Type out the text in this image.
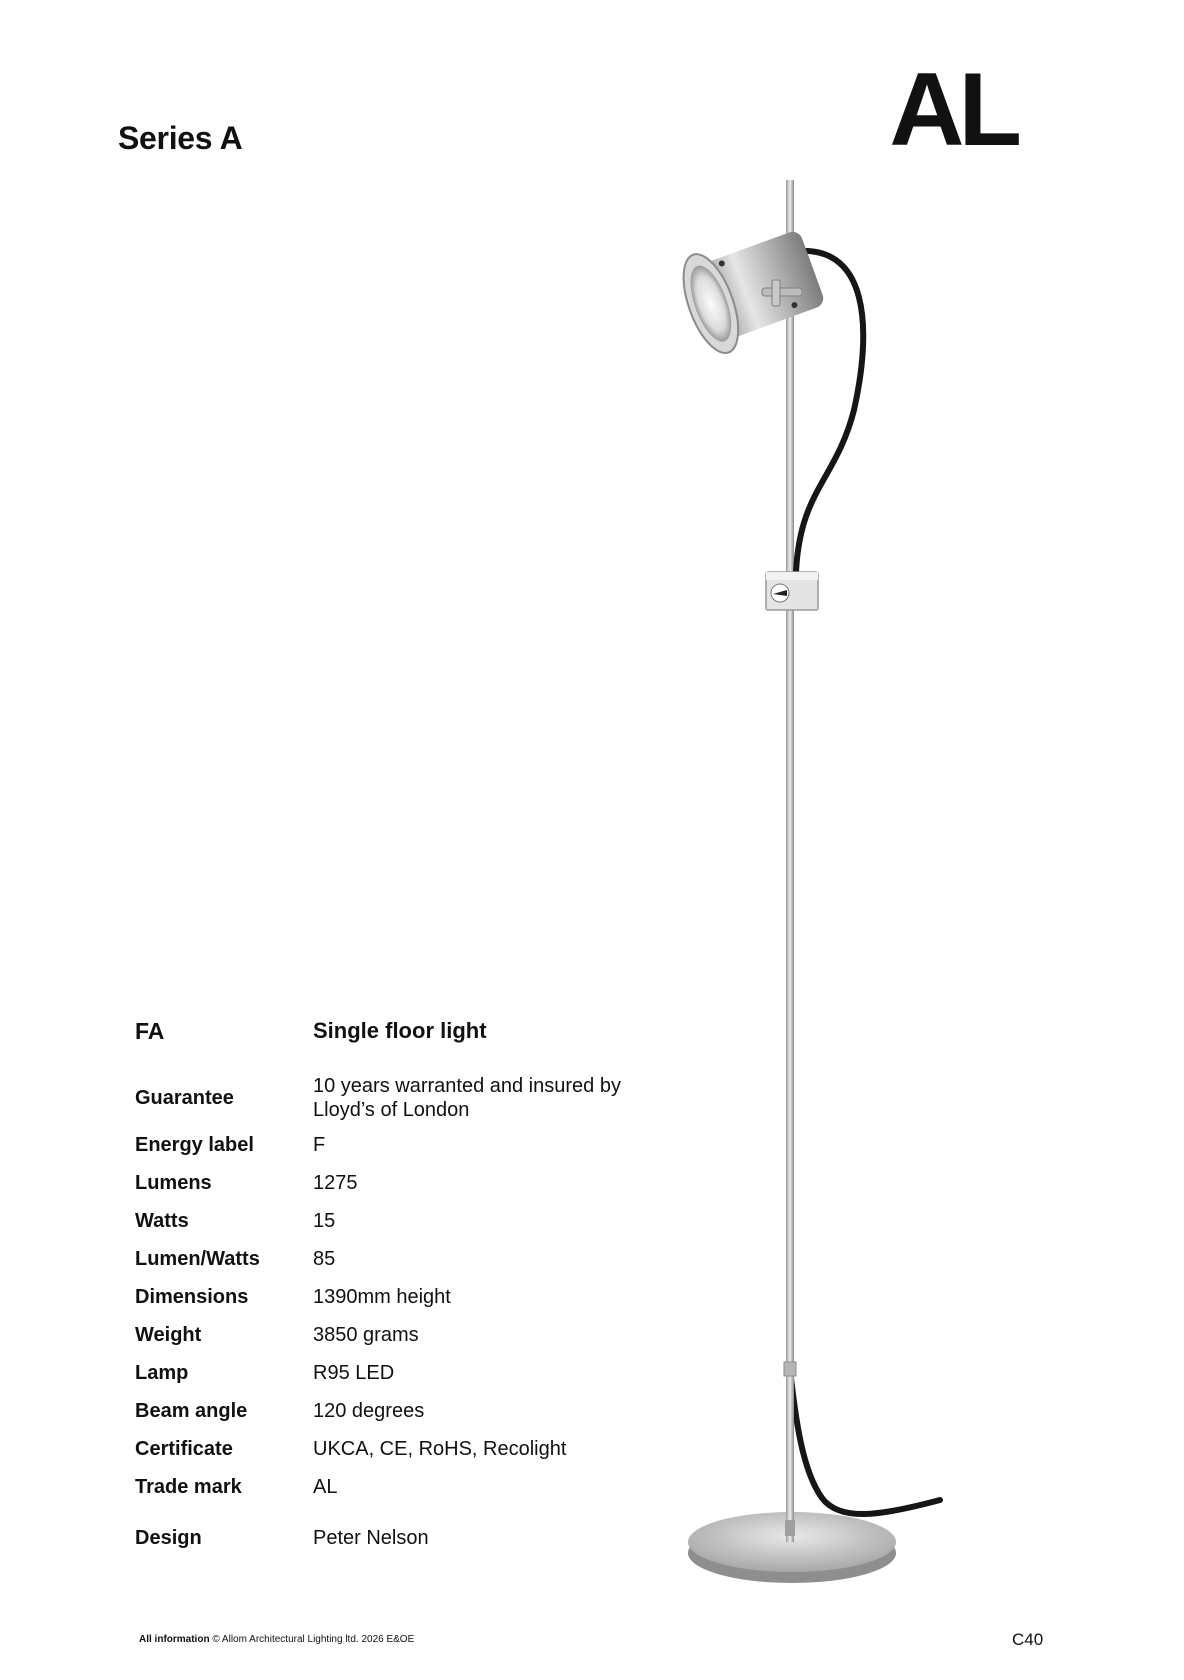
Series A	AL
FA	Single floor light
Guarantee	10 years warranted and insured by Lloyd’s of London
Energy label	F
Lumens	1275
Watts	15
Lumen/Watts	85
Dimensions	1390mm height
Weight	3850 grams
Lamp	R95 LED
Beam angle	120 degrees
Certificate	UKCA, CE, RoHS, Recolight
Trade mark	AL
Design	Peter Nelson
All information © Allom Architectural Lighting ltd. 2026 E&OE	C40
